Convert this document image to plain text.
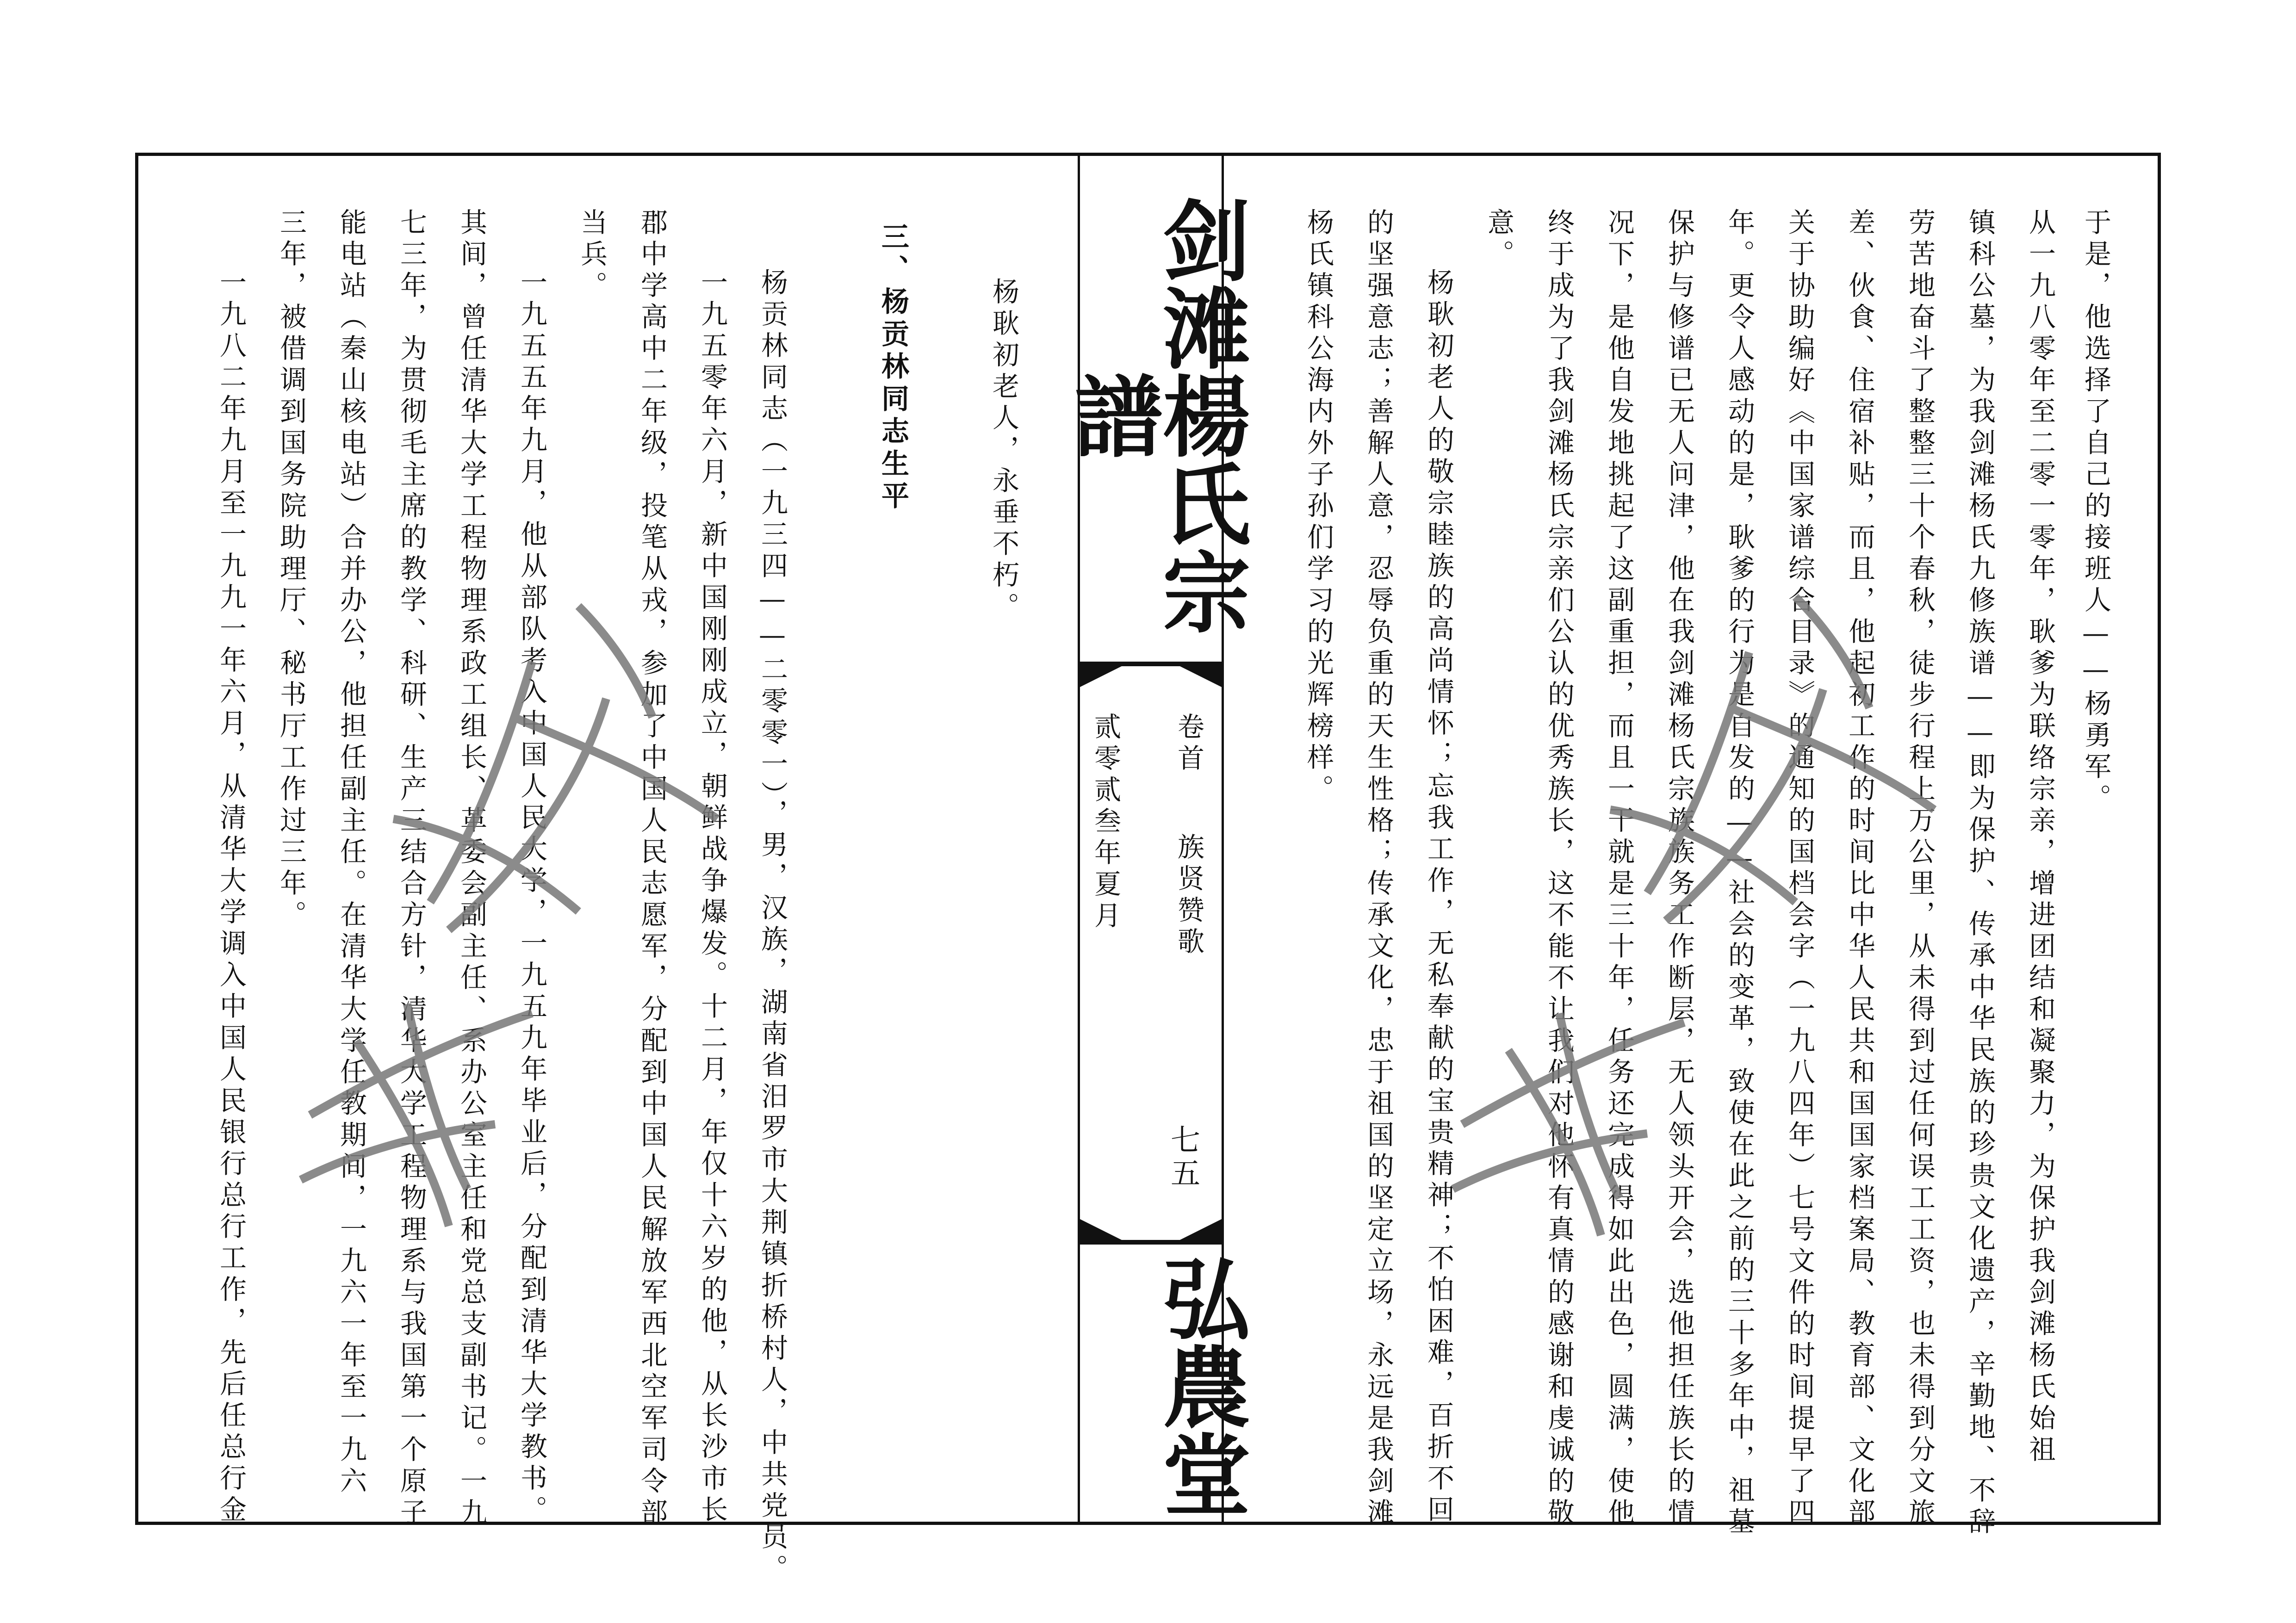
于是，他选择了自己的接班人——杨勇军。
从一九八零年至二零一零年，耿爹为联络宗亲，增进团结和凝聚力，为保护我剑滩杨氏始祖
镇科公墓，为我剑滩杨氏九修族谱——即为保护、传承中华民族的珍贵文化遗产，辛勤地、不辞
劳苦地奋斗了整整三十个春秋，徒步行程上万公里，从未得到过任何误工工资，也未得到分文旅
差、伙食、住宿补贴，而且，他起初工作的时间比中华人民共和国国家档案局、教育部、文化部
关于协助编好《中国家谱综合目录》的通知的国档会字（一九八四年）七号文件的时间提早了四
年。更令人感动的是，耿爹的行为是自发的——社会的变革，致使在此之前的三十多年中，祖墓
保护与修谱已无人问津，他在我剑滩杨氏宗族族务工作断层，无人领头开会，选他担任族长的情
况下，是他自发地挑起了这副重担，而且一干就是三十年，任务还完成得如此出色，圆满，使他
终于成为了我剑滩杨氏宗亲们公认的优秀族长，这不能不让我们对他怀有真情的感谢和虔诚的敬
意。
杨耿初老人的敬宗睦族的高尚情怀；忘我工作，无私奉献的宝贵精神；不怕困难，百折不回
的坚强意志；善解人意，忍辱负重的天生性格；传承文化，忠于祖国的坚定立场，永远是我剑滩
杨氏镇科公海内外子孙们学习的光辉榜样。
剑滩楊氏宗譜
卷首
族贤赞歌
贰零贰叁年夏月
七五
弘農堂
杨耿初老人，永垂不朽。
三、杨贡林同志生平
杨贡林同志（一九三四——二零零一），男，汉族，湖南省汨罗市大荆镇折桥村人，中共党员。
一九五零年六月，新中国刚刚成立，朝鲜战争爆发。十二月，年仅十六岁的他，从长沙市长
郡中学高中二年级，投笔从戎，参加了中国人民志愿军，分配到中国人民解放军西北空军司令部
当兵。
一九五五年九月，他从部队考入中国人民大学，一九五九年毕业后，分配到清华大学教书。
其间，曾任清华大学工程物理系政工组长、革委会副主任、系办公室主任和党总支副书记。一九
七三年，为贯彻毛主席的教学、科研、生产三结合方针，清华大学工程物理系与我国第一个原子
能电站（秦山核电站）合并办公，他担任副主任。在清华大学任教期间，一九六一年至一九六
三年，被借调到国务院助理厅、秘书厅工作过三年。
一九八二年九月至一九九一年六月，从清华大学调入中国人民银行总行工作，先后任总行金
